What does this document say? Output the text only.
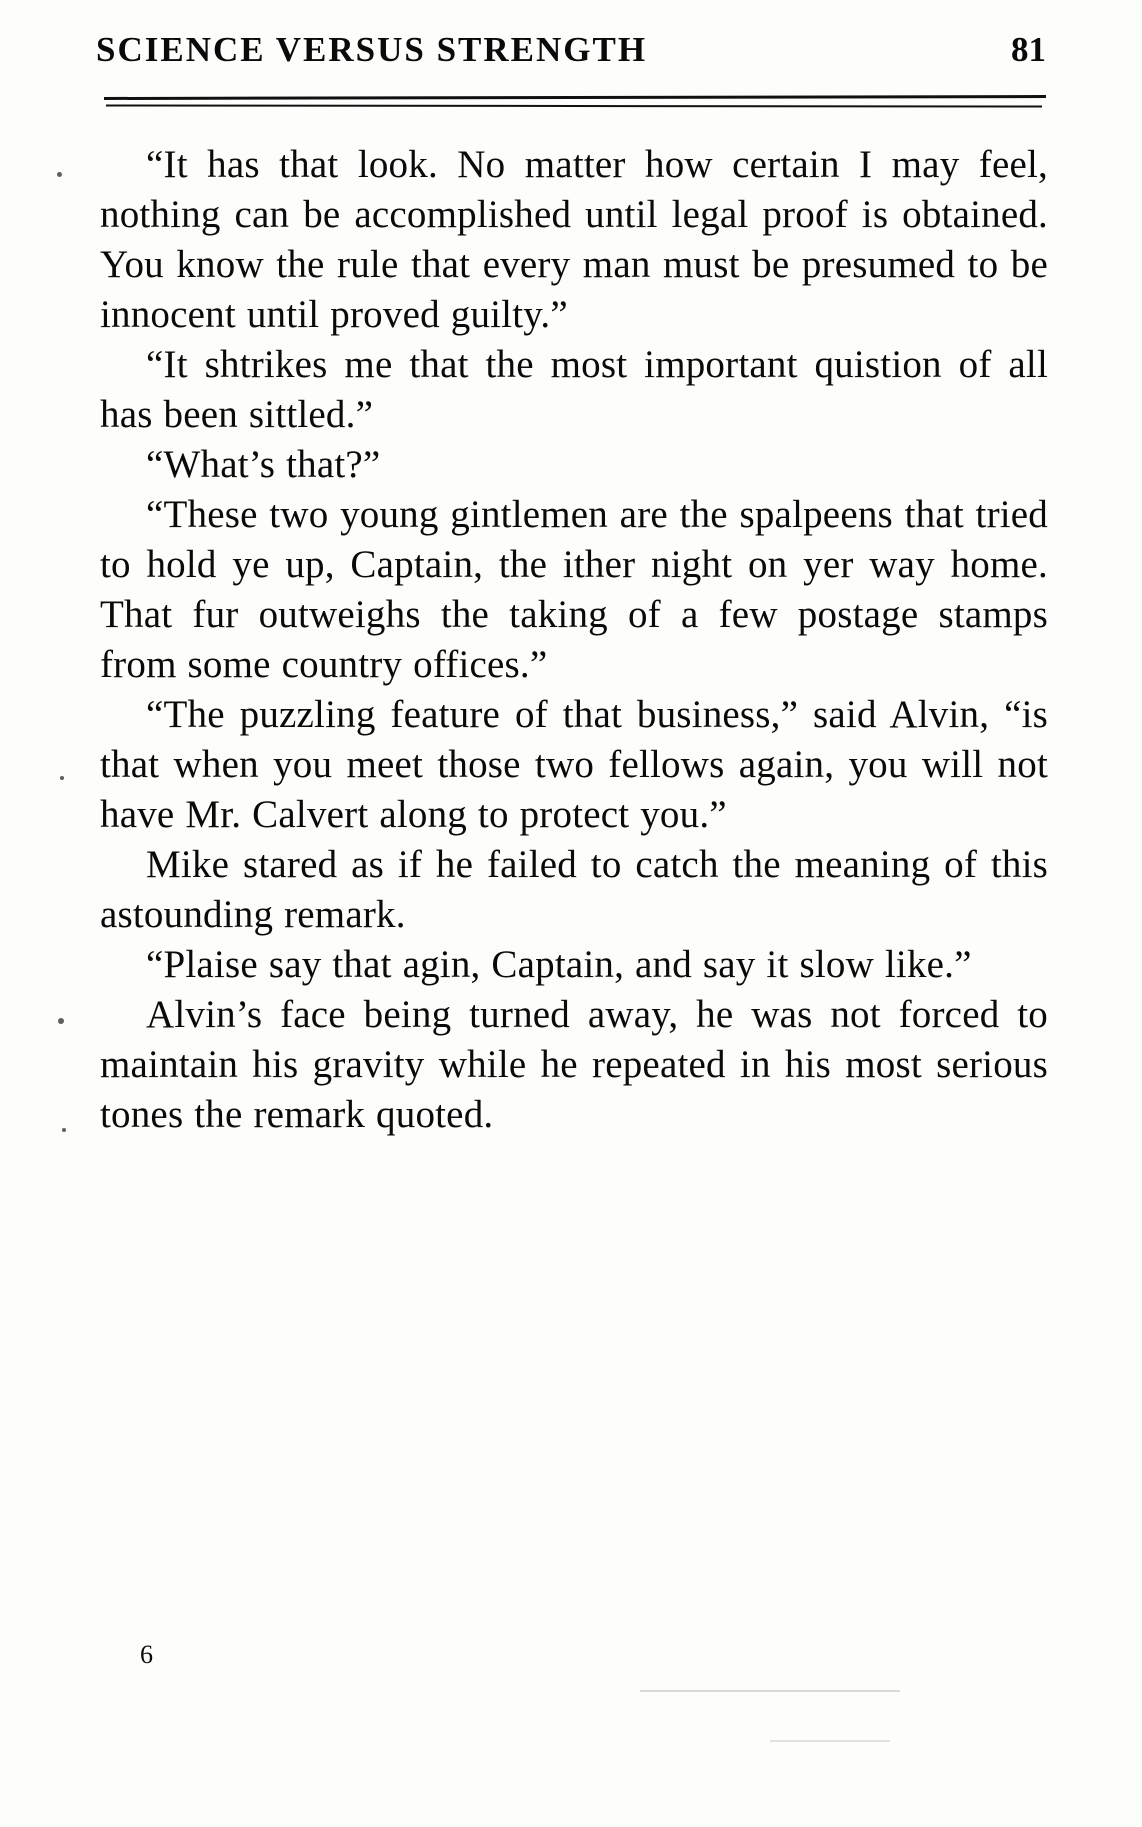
SCIENCE VERSUS STRENGTH	81

“It has that look. No matter how certain I may feel, nothing can be accomplished until legal proof is obtained. You know the rule that every man must be presumed to be innocent until proved guilty.”

“It shtrikes me that the most important quistion of all has been sittled.”

“What’s that?”

“These two young gintlemen are the spalpeens that tried to hold ye up, Captain, the ither night on yer way home. That fur outweighs the taking of a few postage stamps from some country offices.”

“The puzzling feature of that business,” said Alvin, “is that when you meet those two fellows again, you will not have Mr. Calvert along to protect you.”

Mike stared as if he failed to catch the meaning of this astounding remark.

“Plaise say that agin, Captain, and say it slow like.”

Alvin’s face being turned away, he was not forced to maintain his gravity while he repeated in his most serious tones the remark quoted.

6
